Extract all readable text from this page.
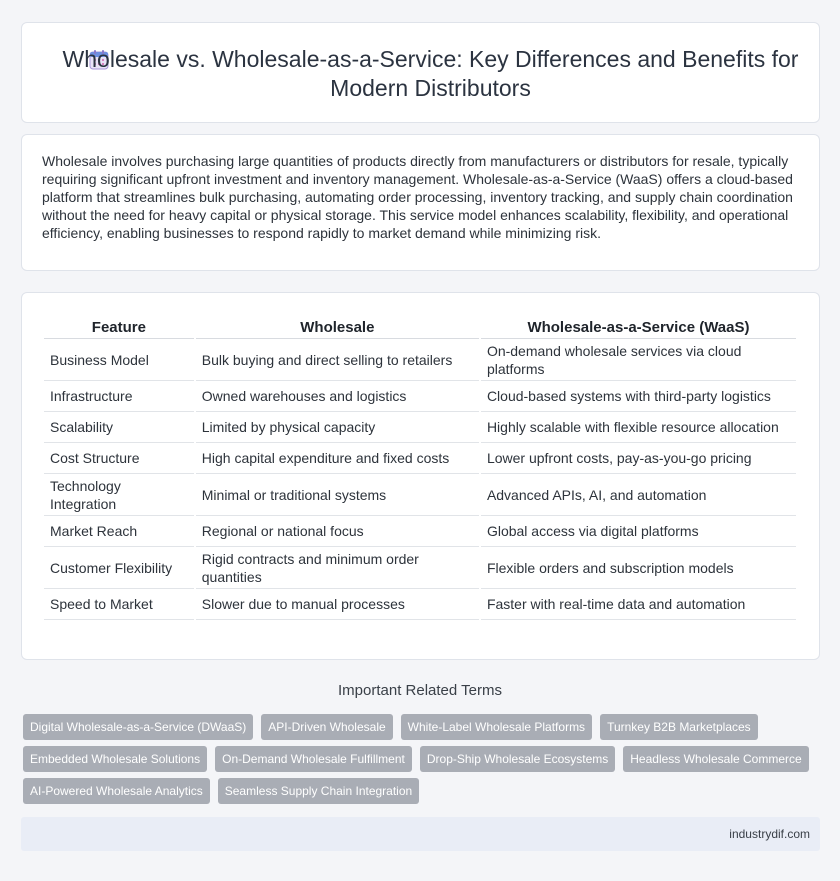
Wholesale vs. Wholesale-as-a-Service: Key Differences and Benefits for Modern Distributors

Wholesale involves purchasing large quantities of products directly from manufacturers or distributors for resale, typically requiring significant upfront investment and inventory management. Wholesale-as-a-Service (WaaS) offers a cloud-based platform that streamlines bulk purchasing, automating order processing, inventory tracking, and supply chain coordination without the need for heavy capital or physical storage. This service model enhances scalability, flexibility, and operational efficiency, enabling businesses to respond rapidly to market demand while minimizing risk.

Feature	Wholesale	Wholesale-as-a-Service (WaaS)
Business Model	Bulk buying and direct selling to retailers	On-demand wholesale services via cloud platforms
Infrastructure	Owned warehouses and logistics	Cloud-based systems with third-party logistics
Scalability	Limited by physical capacity	Highly scalable with flexible resource allocation
Cost Structure	High capital expenditure and fixed costs	Lower upfront costs, pay-as-you-go pricing
Technology Integration	Minimal or traditional systems	Advanced APIs, AI, and automation
Market Reach	Regional or national focus	Global access via digital platforms
Customer Flexibility	Rigid contracts and minimum order quantities	Flexible orders and subscription models
Speed to Market	Slower due to manual processes	Faster with real-time data and automation
Important Related Terms
Digital Wholesale-as-a-Service (DWaaS)	API-Driven Wholesale	White-Label Wholesale Platforms	Turnkey B2B Marketplaces
Embedded Wholesale Solutions	On-Demand Wholesale Fulfillment	Drop-Ship Wholesale Ecosystems	Headless Wholesale Commerce
AI-Powered Wholesale Analytics	Seamless Supply Chain Integration
industrydif.com
